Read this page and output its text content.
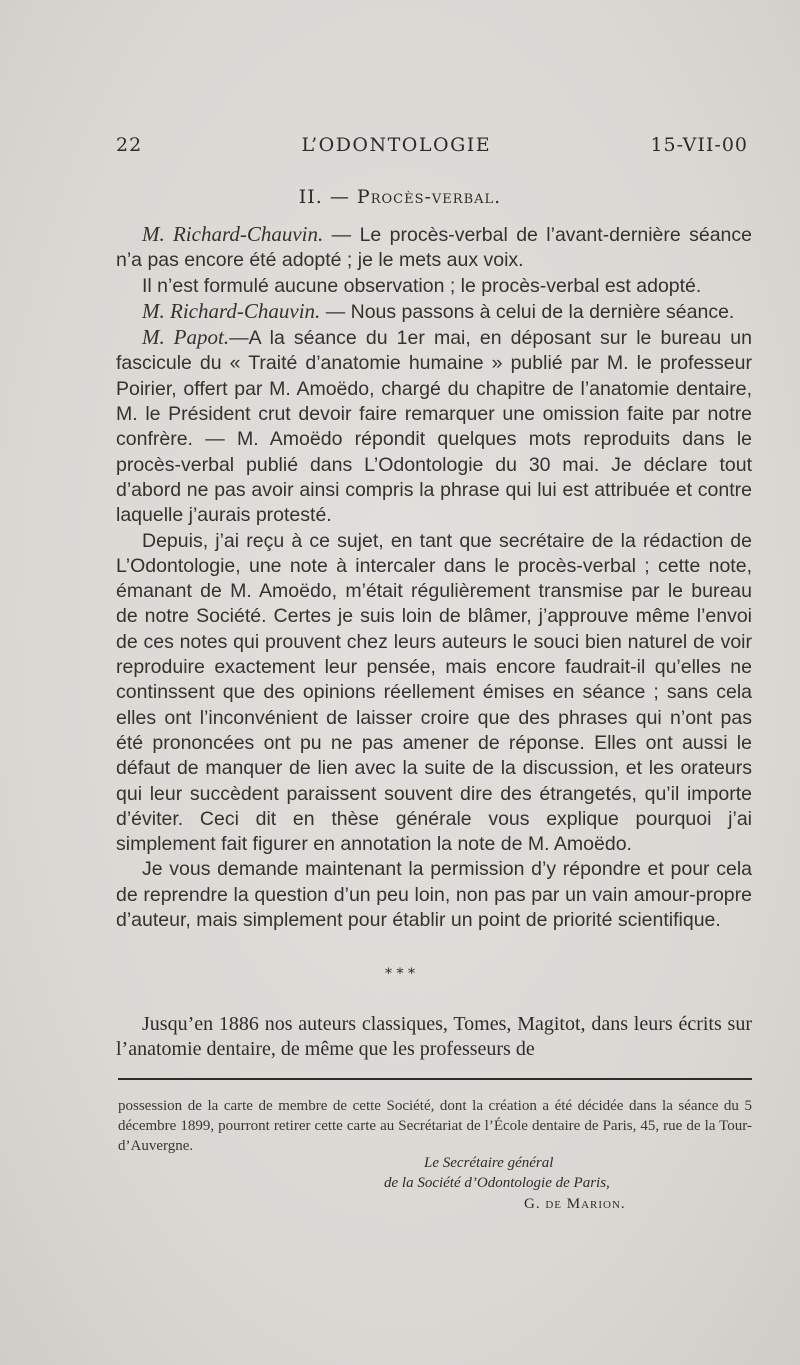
22	L’ODONTOLOGIE	15-VII-00
II. — Procès-verbal.

M. Richard-Chauvin. — Le procès-verbal de l’avant-dernière séance n’a pas encore été adopté ; je le mets aux voix.

Il n’est formulé aucune observation ; le procès-verbal est adopté.

M. Richard-Chauvin. — Nous passons à celui de la dernière séance.

M. Papot.—A la séance du 1er mai, en déposant sur le bureau un fascicule du « Traité d’anatomie humaine » publié par M. le professeur Poirier, offert par M. Amoëdo, chargé du chapitre de l’anatomie dentaire, M. le Président crut devoir faire remarquer une omission faite par notre confrère. — M. Amoëdo répondit quelques mots reproduits dans le procès-verbal publié dans L’Odontologie du 30 mai. Je déclare tout d’abord ne pas avoir ainsi compris la phrase qui lui est attribuée et contre laquelle j’aurais protesté.

Depuis, j’ai reçu à ce sujet, en tant que secrétaire de la rédaction de L’Odontologie, une note à intercaler dans le procès-verbal ; cette note, émanant de M. Amoëdo, m’était régulièrement transmise par le bureau de notre Société. Certes je suis loin de blâmer, j’approuve même l’envoi de ces notes qui prouvent chez leurs auteurs le souci bien naturel de voir reproduire exactement leur pensée, mais encore faudrait-il qu’elles ne continssent que des opinions réellement émises en séance ; sans cela elles ont l’inconvénient de laisser croire que des phrases qui n’ont pas été prononcées ont pu ne pas amener de réponse. Elles ont aussi le défaut de manquer de lien avec la suite de la discussion, et les orateurs qui leur succèdent paraissent souvent dire des étrangetés, qu’il importe d’éviter. Ceci dit en thèse générale vous explique pourquoi j’ai simplement fait figurer en annotation la note de M. Amoëdo.

Je vous demande maintenant la permission d’y répondre et pour cela de reprendre la question d’un peu loin, non pas par un vain amour-propre d’auteur, mais simplement pour établir un point de priorité scientifique.

* * *

Jusqu’en 1886 nos auteurs classiques, Tomes, Magitot, dans leurs écrits sur l’anatomie dentaire, de même que les professeurs de

possession de la carte de membre de cette Société, dont la création a été décidée dans la séance du 5 décembre 1899, pourront retirer cette carte au Secrétariat de l’École dentaire de Paris, 45, rue de la Tour-d’Auvergne.

Le Secrétaire général
de la Société d’Odontologie de Paris,
G. de Marion.
